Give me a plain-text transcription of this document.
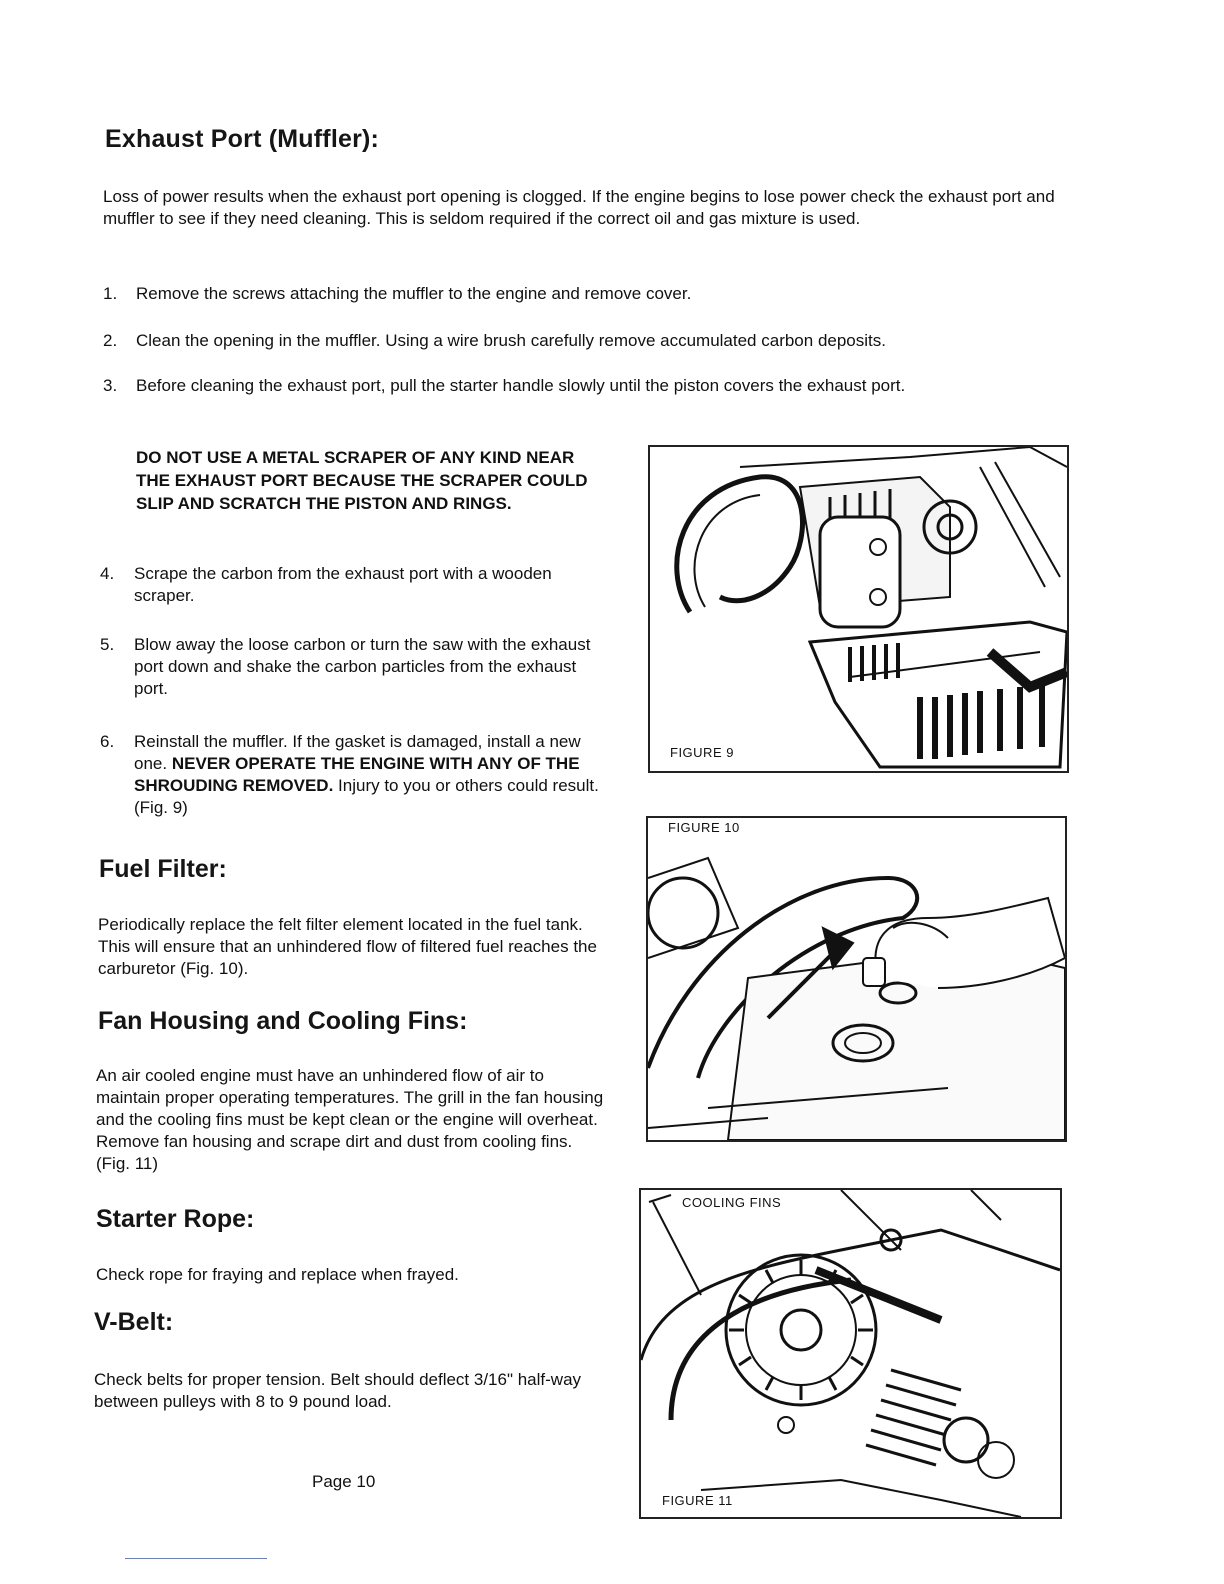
Exhaust Port (Muffler):

Loss of power results when the exhaust port opening is clogged. If the engine begins to lose power check the exhaust port and muffler to see if they need cleaning. This is seldom required if the correct oil and gas mixture is used.

1. Remove the screws attaching the muffler to the engine and remove cover.
2. Clean the opening in the muffler. Using a wire brush carefully remove accumulated carbon deposits.
3. Before cleaning the exhaust port, pull the starter handle slowly until the piston covers the exhaust port.

DO NOT USE A METAL SCRAPER OF ANY KIND NEAR THE EXHAUST PORT BECAUSE THE SCRAPER COULD SLIP AND SCRATCH THE PISTON AND RINGS.

4. Scrape the carbon from the exhaust port with a wooden scraper.
5. Blow away the loose carbon or turn the saw with the exhaust port down and shake the carbon particles from the exhaust port.
6. Reinstall the muffler. If the gasket is damaged, install a new one. NEVER OPERATE THE ENGINE WITH ANY OF THE SHROUDING REMOVED. Injury to you or others could result. (Fig. 9)
Fuel Filter:

Periodically replace the felt filter element located in the fuel tank. This will ensure that an unhindered flow of filtered fuel reaches the carburetor (Fig. 10).

Fan Housing and Cooling Fins:

An air cooled engine must have an unhindered flow of air to maintain proper operating temperatures. The grill in the fan housing and the cooling fins must be kept clean or the engine will overheat. Remove fan housing and scrape dirt and dust from cooling fins. (Fig. 11)

Starter Rope:

Check rope for fraying and replace when frayed.

V-Belt:

Check belts for proper tension. Belt should deflect 3/16" half-way between pulleys with 8 to 9 pound load.

Page 10
FIGURE 9
FIGURE 10
COOLING FINS
FIGURE 11
